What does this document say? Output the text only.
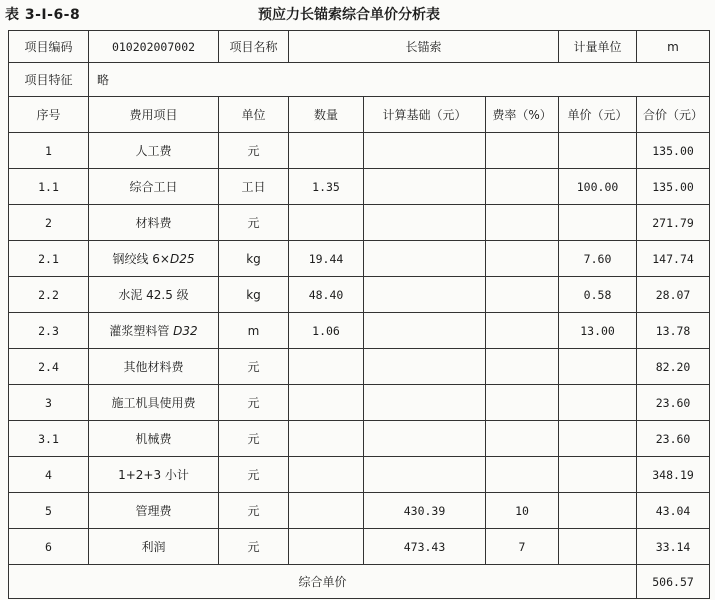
表 3-Ⅰ-6-8	预应力长锚索综合单价分析表
项目编码	010202007002	项目名称	长锚索			计量单位	m
项目特征	略						
序号	费用项目	单位	数量	计算基础（元）	费率（%）	单价（元）	合价（元）
1	人工费	元					135.00
1.1	综合工日	工日	1.35			100.00	135.00
2	材料费	元					271.79
2.1	钢绞线 6×D25	kg	19.44			7.60	147.74
2.2	水泥 42.5 级	kg	48.40			0.58	28.07
2.3	灌浆塑料管 D32	m	1.06			13.00	13.78
2.4	其他材料费	元					82.20
3	施工机具使用费	元					23.60
3.1	机械费	元					23.60
4	1+2+3 小计	元					348.19
5	管理费	元		430.39	10		43.04
6	利润	元		473.43	7		33.14
综合单价							506.57
